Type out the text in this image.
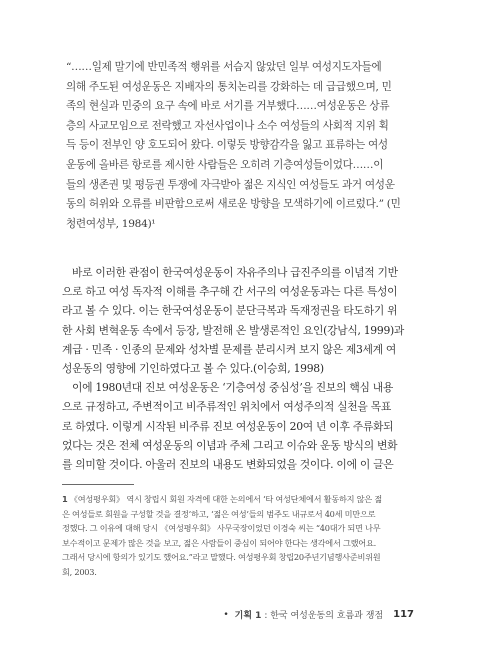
“……일제 말기에 반민족적 행위를 서슴지 않았던 일부 여성지도자들에

의해 주도된 여성운동은 지배자의 통치논리를 강화하는 데 급급했으며, 민

족의 현실과 민중의 요구 속에 바로 서기를 거부했다……여성운동은 상류

층의 사교모임으로 전락했고 자선사업이나 소수 여성들의 사회적 지위 획

득 등이 전부인 양 호도되어 왔다. 이렇듯 방향감각을 잃고 표류하는 여성

운동에 올바른 항로를 제시한 사람들은 오히려 기층여성들이었다……이

들의 생존권 및 평등권 투쟁에 자극받아 젊은 지식인 여성들도 과거 여성운

동의 허위와 오류를 비판함으로써 새로운 방향을 모색하기에 이르렀다.” (민

청련여성부, 1984)¹

바로 이러한 관점이 한국여성운동이 자유주의나 급진주의를 이념적 기반

으로 하고 여성 독자적 이해를 추구해 간 서구의 여성운동과는 다른 특성이

라고 볼 수 있다. 이는 한국여성운동이 분단극복과 독재정권을 타도하기 위

한 사회 변혁운동 속에서 등장, 발전해 온 발생론적인 요인(강남식, 1999)과

계급 · 민족 · 인종의 문제와 성차별 문제를 분리시켜 보지 않은 제3세계 여

성운동의 영향에 기인하였다고 볼 수 있다.(이승희, 1998)

이에 1980년대 진보 여성운동은 ‘기층여성 중심성’을 진보의 핵심 내용

으로 규정하고, 주변적이고 비주류적인 위치에서 여성주의적 실천을 목표

로 하였다. 이렇게 시작된 비주류 진보 여성운동이 20여 년 이후 주류화되

었다는 것은 전체 여성운동의 이념과 주체 그리고 이슈와 운동 방식의 변화

를 의미할 것이다. 아울러 진보의 내용도 변화되었을 것이다. 이에 이 글은

1 《여성평우회》 역시 창립시 회원 자격에 대한 논의에서 ‘타 여성단체에서 활동하지 않은 젊

은 여성들로 회원을 구성할 것을 결정’하고, ‘젊은 여성’들의 범주도 내규로서 40세 미만으로

정했다. 그 이유에 대해 당시 《여성평우회》 사무국장이었던 이경숙 씨는 “40대가 되면 나무

보수적이고 문제가 많은 것을 보고, 젊은 사람들이 중심이 되어야 한다는 생각에서 그랬어요.

그래서 당시에 항의가 있기도 했어요.”라고 말했다. 여성평우회 창립20주년기념행사준비위원

회, 2003.

• 기획 1 : 한국 여성운동의 흐름과 쟁점 117
